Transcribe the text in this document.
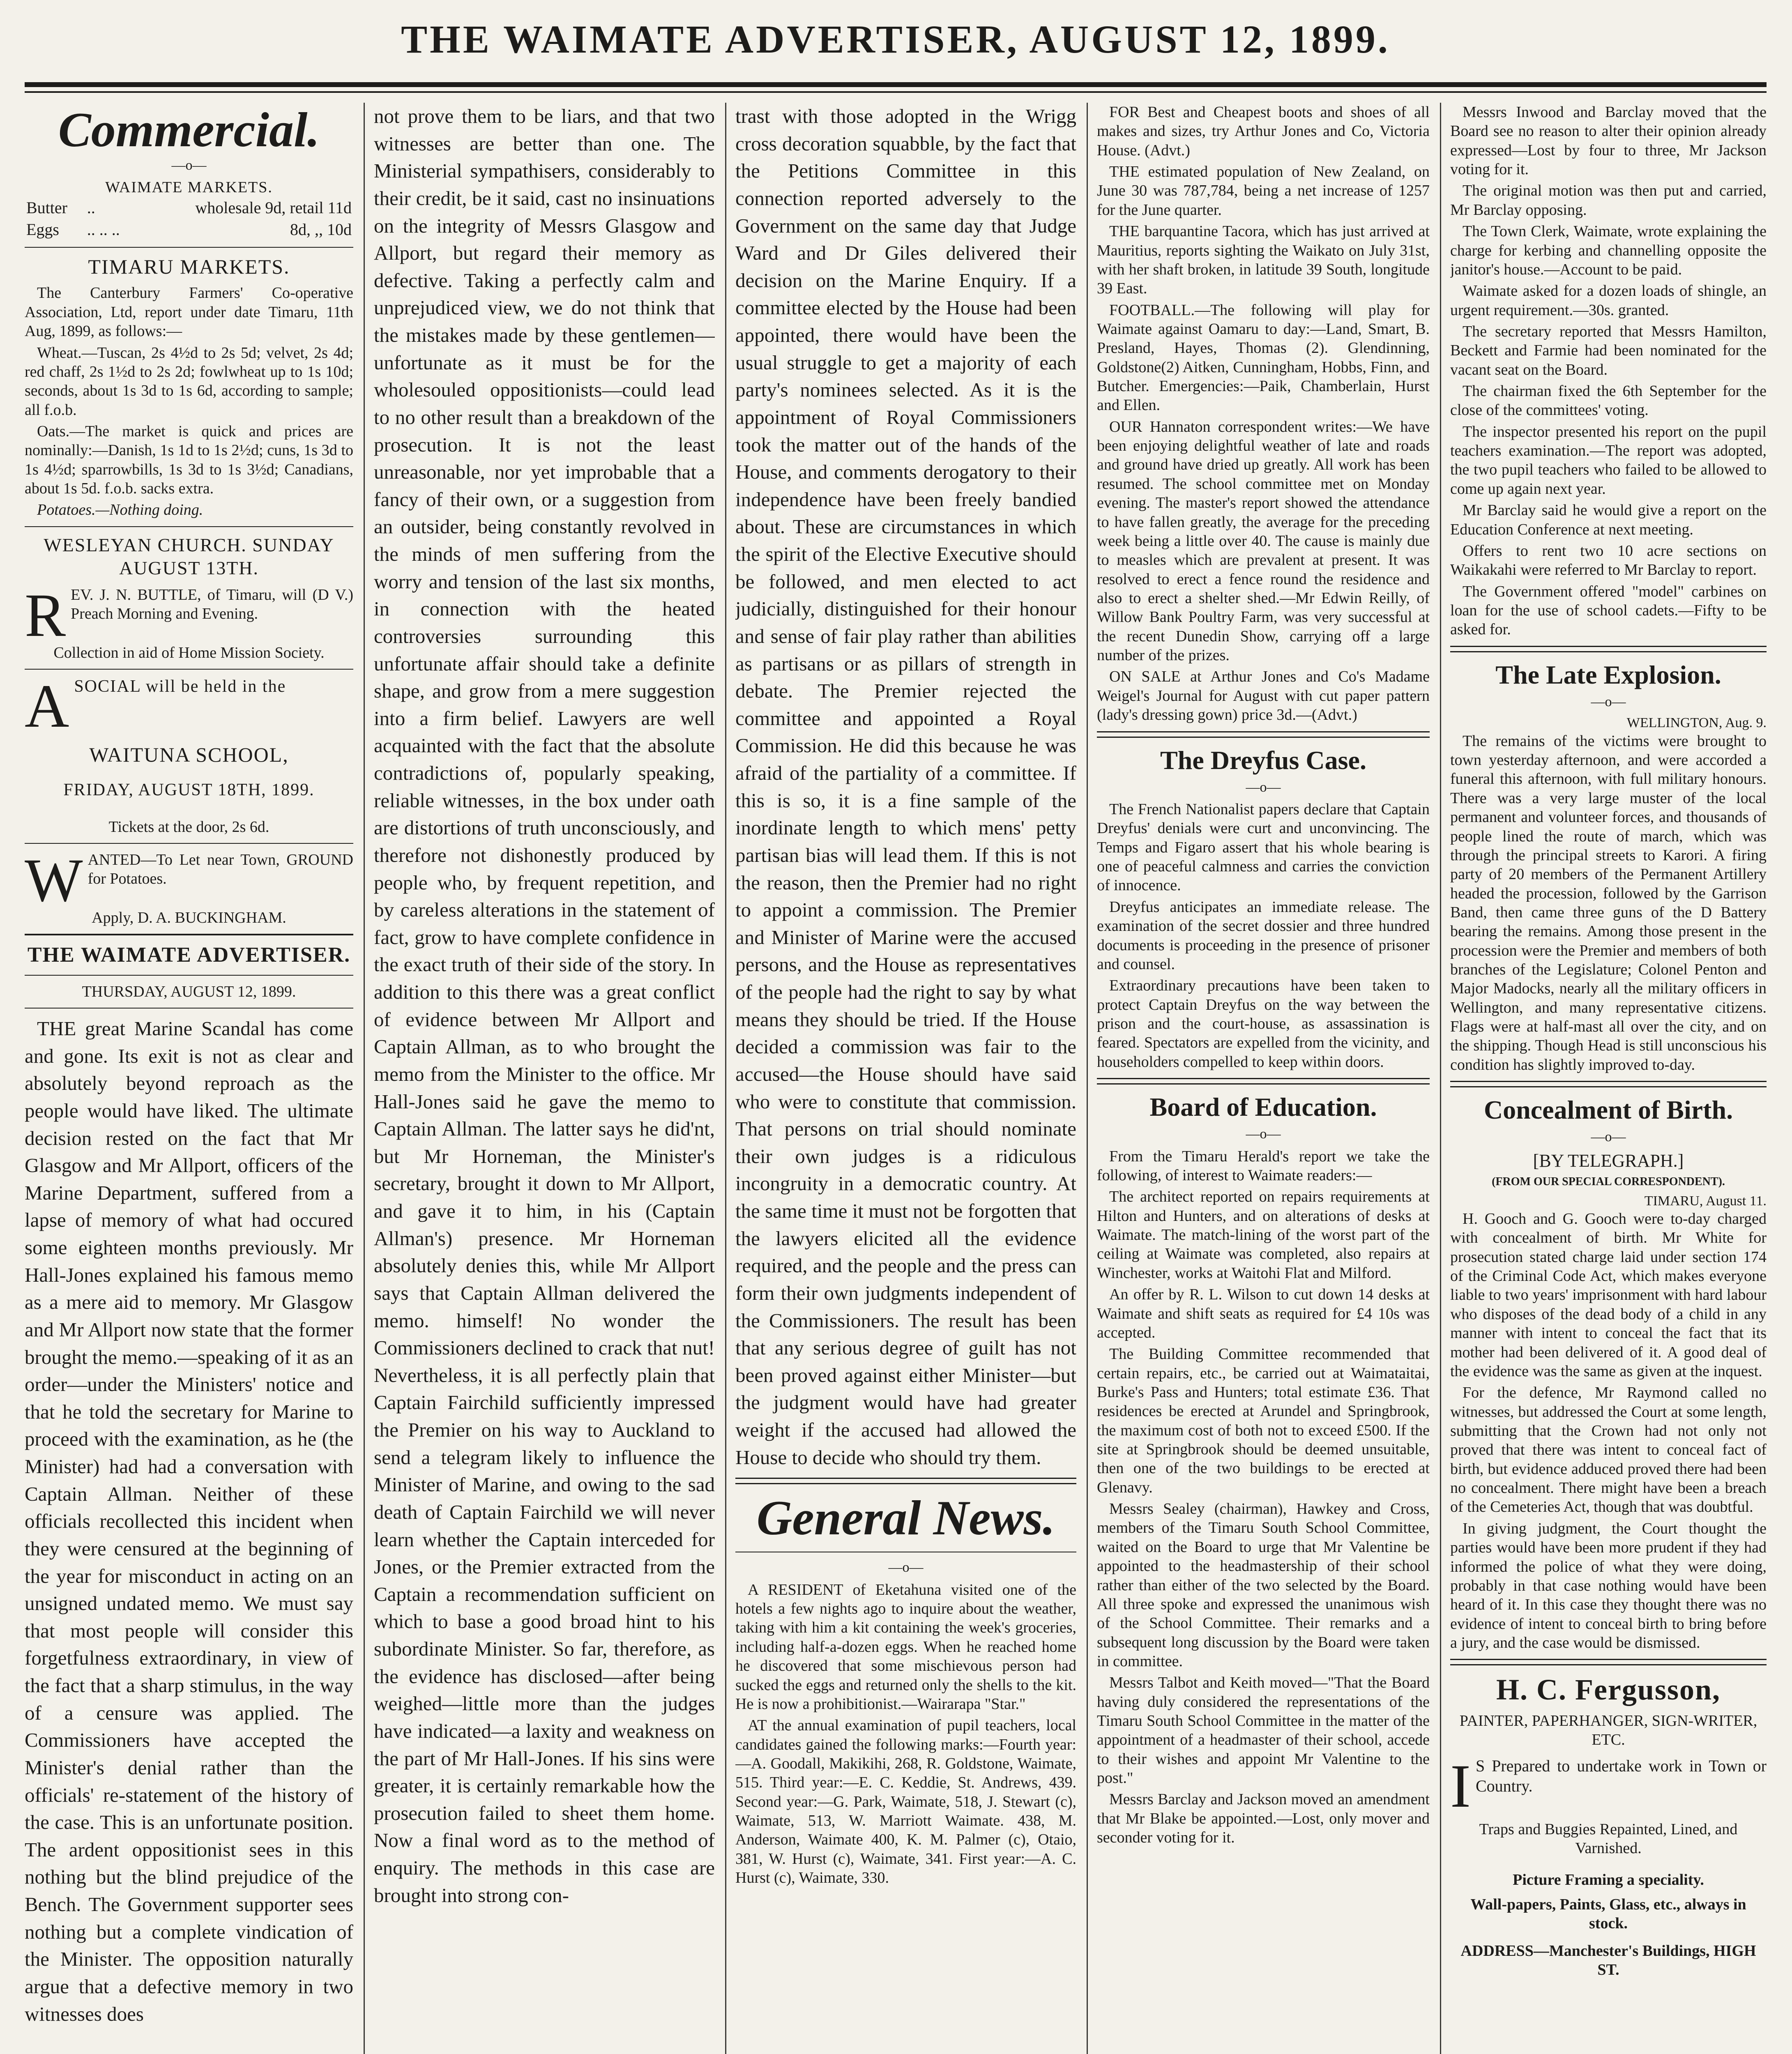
THE WAIMATE ADVERTISER, AUGUST 12, 1899.
Commercial.
—o—
WAIMATE MARKETS.
Butter	..	wholesale 9d, retail 11d
Eggs	.. .. ..	8d, ,, 10d
TIMARU MARKETS.

The Canterbury Farmers' Co-operative Association, Ltd, report under date Timaru, 11th Aug, 1899, as follows:—

Wheat.—Tuscan, 2s 4½d to 2s 5d; velvet, 2s 4d; red chaff, 2s 1½d to 2s 2d; fowlwheat up to 1s 10d; seconds, about 1s 3d to 1s 6d, according to sample; all f.o.b.

Oats.—The market is quick and prices are nominally:—Danish, 1s 1d to 1s 2½d; cuns, 1s 3d to 1s 4½d; sparrowbills, 1s 3d to 1s 3½d; Canadians, about 1s 5d. f.o.b. sacks extra.

Potatoes.—Nothing doing.

WESLEYAN CHURCH. SUNDAY AUGUST 13TH.
R EV. J. N. BUTTLE, of Timaru, will (D V.) Preach Morning and Evening.

Collection in aid of Home Mission Society.

A SOCIAL will be held in the
WAITUNA SCHOOL,
FRIDAY, AUGUST 18TH, 1899.
Tickets at the door, 2s 6d.
W ANTED—To Let near Town, GROUND for Potatoes.
Apply, D. A. BUCKINGHAM.
THE WAIMATE ADVERTISER.
THURSDAY, AUGUST 12, 1899.

THE great Marine Scandal has come and gone. Its exit is not as clear and absolutely beyond reproach as the people would have liked. The ultimate decision rested on the fact that Mr Glasgow and Mr Allport, officers of the Marine Department, suffered from a lapse of memory of what had occured some eighteen months previously. Mr Hall-Jones explained his famous memo as a mere aid to memory. Mr Glasgow and Mr Allport now state that the former brought the memo.—speaking of it as an order—under the Ministers' notice and that he told the secretary for Marine to proceed with the examination, as he (the Minister) had had a conversation with Captain Allman. Neither of these officials recollected this incident when they were censured at the beginning of the year for misconduct in acting on an unsigned undated memo. We must say that most people will consider this forgetfulness extraordinary, in view of the fact that a sharp stimulus, in the way of a censure was applied. The Commissioners have accepted the Minister's denial rather than the officials' re-statement of the history of the case. This is an unfortunate position. The ardent oppositionist sees in this nothing but the blind prejudice of the Bench. The Government supporter sees nothing but a complete vindication of the Minister. The opposition naturally argue that a defective memory in two witnesses does

not prove them to be liars, and that two witnesses are better than one. The Ministerial sympathisers, considerably to their credit, be it said, cast no insinuations on the integrity of Messrs Glasgow and Allport, but regard their memory as defective. Taking a perfectly calm and unprejudiced view, we do not think that the mistakes made by these gentlemen—unfortunate as it must be for the wholesouled oppositionists—could lead to no other result than a breakdown of the prosecution. It is not the least unreasonable, nor yet improbable that a fancy of their own, or a suggestion from an outsider, being constantly revolved in the minds of men suffering from the worry and tension of the last six months, in connection with the heated controversies surrounding this unfortunate affair should take a definite shape, and grow from a mere suggestion into a firm belief. Lawyers are well acquainted with the fact that the absolute contradictions of, popularly speaking, reliable witnesses, in the box under oath are distortions of truth unconsciously, and therefore not dishonestly produced by people who, by frequent repetition, and by careless alterations in the statement of fact, grow to have complete confidence in the exact truth of their side of the story. In addition to this there was a great conflict of evidence between Mr Allport and Captain Allman, as to who brought the memo from the Minister to the office. Mr Hall-Jones said he gave the memo to Captain Allman. The latter says he did'nt, but Mr Horneman, the Minister's secretary, brought it down to Mr Allport, and gave it to him, in his (Captain Allman's) presence. Mr Horneman absolutely denies this, while Mr Allport says that Captain Allman delivered the memo. himself! No wonder the Commissioners declined to crack that nut! Nevertheless, it is all perfectly plain that Captain Fairchild sufficiently impressed the Premier on his way to Auckland to send a telegram likely to influence the Minister of Marine, and owing to the sad death of Captain Fairchild we will never learn whether the Captain interceded for Jones, or the Premier extracted from the Captain a recommendation sufficient on which to base a good broad hint to his subordinate Minister. So far, therefore, as the evidence has disclosed—after being weighed—little more than the judges have indicated—a laxity and weakness on the part of Mr Hall-Jones. If his sins were greater, it is certainly remarkable how the prosecution failed to sheet them home. Now a final word as to the method of enquiry. The methods in this case are brought into strong con-

trast with those adopted in the Wrigg cross decoration squabble, by the fact that the Petitions Committee in this connection reported adversely to the Government on the same day that Judge Ward and Dr Giles delivered their decision on the Marine Enquiry. If a committee elected by the House had been appointed, there would have been the usual struggle to get a majority of each party's nominees selected. As it is the appointment of Royal Commissioners took the matter out of the hands of the House, and comments derogatory to their independence have been freely bandied about. These are circumstances in which the spirit of the Elective Executive should be followed, and men elected to act judicially, distinguished for their honour and sense of fair play rather than abilities as partisans or as pillars of strength in debate. The Premier rejected the committee and appointed a Royal Commission. He did this because he was afraid of the partiality of a committee. If this is so, it is a fine sample of the inordinate length to which mens' petty partisan bias will lead them. If this is not the reason, then the Premier had no right to appoint a commission. The Premier and Minister of Marine were the accused persons, and the House as representatives of the people had the right to say by what means they should be tried. If the House decided a commission was fair to the accused—the House should have said who were to constitute that commission. That persons on trial should nominate their own judges is a ridiculous incongruity in a democratic country. At the same time it must not be forgotten that the lawyers elicited all the evidence required, and the people and the press can form their own judgments independent of the Commissioners. The result has been that any serious degree of guilt has not been proved against either Minister—but the judgment would have had greater weight if the accused had allowed the House to decide who should try them.

General News.
—o—

A RESIDENT of Eketahuna visited one of the hotels a few nights ago to inquire about the weather, taking with him a kit containing the week's groceries, including half-a-dozen eggs. When he reached home he discovered that some mischievous person had sucked the eggs and returned only the shells to the kit. He is now a prohibitionist.—Wairarapa "Star."

AT the annual examination of pupil teachers, local candidates gained the following marks:—Fourth year:—A. Goodall, Makikihi, 268, R. Goldstone, Waimate, 515. Third year:—E. C. Keddie, St. Andrews, 439. Second year:—G. Park, Waimate, 518, J. Stewart (c), Waimate, 513, W. Marriott Waimate. 438, M. Anderson, Waimate 400, K. M. Palmer (c), Otaio, 381, W. Hurst (c), Waimate, 341. First year:—A. C. Hurst (c), Waimate, 330.

FOR Best and Cheapest boots and shoes of all makes and sizes, try Arthur Jones and Co, Victoria House. (Advt.)

THE estimated population of New Zealand, on June 30 was 787,784, being a net increase of 1257 for the June quarter.

THE barquantine Tacora, which has just arrived at Mauritius, reports sighting the Waikato on July 31st, with her shaft broken, in latitude 39 South, longitude 39 East.

FOOTBALL.—The following will play for Waimate against Oamaru to day:—Land, Smart, B. Presland, Hayes, Thomas (2). Glendinning, Goldstone(2) Aitken, Cunningham, Hobbs, Finn, and Butcher. Emergencies:—Paik, Chamberlain, Hurst and Ellen.

OUR Hannaton correspondent writes:—We have been enjoying delightful weather of late and roads and ground have dried up greatly. All work has been resumed. The school committee met on Monday evening. The master's report showed the attendance to have fallen greatly, the average for the preceding week being a little over 40. The cause is mainly due to measles which are prevalent at present. It was resolved to erect a fence round the residence and also to erect a shelter shed.—Mr Edwin Reilly, of Willow Bank Poultry Farm, was very successful at the recent Dunedin Show, carrying off a large number of the prizes.

ON SALE at Arthur Jones and Co's Madame Weigel's Journal for August with cut paper pattern (lady's dressing gown) price 3d.—(Advt.)

The Dreyfus Case.
—o—

The French Nationalist papers declare that Captain Dreyfus' denials were curt and unconvincing. The Temps and Figaro assert that his whole bearing is one of peaceful calmness and carries the conviction of innocence.

Dreyfus anticipates an immediate release. The examination of the secret dossier and three hundred documents is proceeding in the presence of prisoner and counsel.

Extraordinary precautions have been taken to protect Captain Dreyfus on the way between the prison and the court-house, as assassination is feared. Spectators are expelled from the vicinity, and householders compelled to keep within doors.

Board of Education.
—o—

From the Timaru Herald's report we take the following, of interest to Waimate readers:—

The architect reported on repairs requirements at Hilton and Hunters, and on alterations of desks at Waimate. The match-lining of the worst part of the ceiling at Waimate was completed, also repairs at Winchester, works at Waitohi Flat and Milford.

An offer by R. L. Wilson to cut down 14 desks at Waimate and shift seats as required for £4 10s was accepted.

The Building Committee recommended that certain repairs, etc., be carried out at Waimataitai, Burke's Pass and Hunters; total estimate £36. That residences be erected at Arundel and Springbrook, the maximum cost of both not to exceed £500. If the site at Springbrook should be deemed unsuitable, then one of the two buildings to be erected at Glenavy.

Messrs Sealey (chairman), Hawkey and Cross, members of the Timaru South School Committee, waited on the Board to urge that Mr Valentine be appointed to the headmastership of their school rather than either of the two selected by the Board. All three spoke and expressed the unanimous wish of the School Committee. Their remarks and a subsequent long discussion by the Board were taken in committee.

Messrs Talbot and Keith moved—"That the Board having duly considered the representations of the Timaru South School Committee in the matter of the appointment of a headmaster of their school, accede to their wishes and appoint Mr Valentine to the post."

Messrs Barclay and Jackson moved an amendment that Mr Blake be appointed.—Lost, only mover and seconder voting for it.

Messrs Inwood and Barclay moved that the Board see no reason to alter their opinion already expressed—Lost by four to three, Mr Jackson voting for it.

The original motion was then put and carried, Mr Barclay opposing.

The Town Clerk, Waimate, wrote explaining the charge for kerbing and channelling opposite the janitor's house.—Account to be paid.

Waimate asked for a dozen loads of shingle, an urgent requirement.—30s. granted.

The secretary reported that Messrs Hamilton, Beckett and Farmie had been nominated for the vacant seat on the Board.

The chairman fixed the 6th September for the close of the committees' voting.

The inspector presented his report on the pupil teachers examination.—The report was adopted, the two pupil teachers who failed to be allowed to come up again next year.

Mr Barclay said he would give a report on the Education Conference at next meeting.

Offers to rent two 10 acre sections on Waikakahi were referred to Mr Barclay to report.

The Government offered "model" carbines on loan for the use of school cadets.—Fifty to be asked for.

The Late Explosion.
—o—
WELLINGTON, Aug. 9.

The remains of the victims were brought to town yesterday afternoon, and were accorded a funeral this afternoon, with full military honours. There was a very large muster of the local permanent and volunteer forces, and thousands of people lined the route of march, which was through the principal streets to Karori. A firing party of 20 members of the Permanent Artillery headed the procession, followed by the Garrison Band, then came three guns of the D Battery bearing the remains. Among those present in the procession were the Premier and members of both branches of the Legislature; Colonel Penton and Major Madocks, nearly all the military officers in Wellington, and many representative citizens. Flags were at half-mast all over the city, and on the shipping. Though Head is still unconscious his condition has slightly improved to-day.

Concealment of Birth.
—o—
[BY TELEGRAPH.]
(FROM OUR SPECIAL CORRESPONDENT).
TIMARU, August 11.

H. Gooch and G. Gooch were to-day charged with concealment of birth. Mr White for prosecution stated charge laid under section 174 of the Criminal Code Act, which makes everyone liable to two years' imprisonment with hard labour who disposes of the dead body of a child in any manner with intent to conceal the fact that its mother had been delivered of it. A good deal of the evidence was the same as given at the inquest.

For the defence, Mr Raymond called no witnesses, but addressed the Court at some length, submitting that the Crown had not only not proved that there was intent to conceal fact of birth, but evidence adduced proved there had been no concealment. There might have been a breach of the Cemeteries Act, though that was doubtful.

In giving judgment, the Court thought the parties would have been more prudent if they had informed the police of what they were doing, probably in that case nothing would have been heard of it. In this case they thought there was no evidence of intent to conceal birth to bring before a jury, and the case would be dismissed.

H. C. Fergusson,
PAINTER, PAPERHANGER, SIGN-WRITER, ETC.
I S Prepared to undertake work in Town or Country.
Traps and Buggies Repainted, Lined, and Varnished.
Picture Framing a speciality.
Wall-papers, Paints, Glass, etc., always in stock.
ADDRESS—Manchester's Buildings, HIGH ST.
